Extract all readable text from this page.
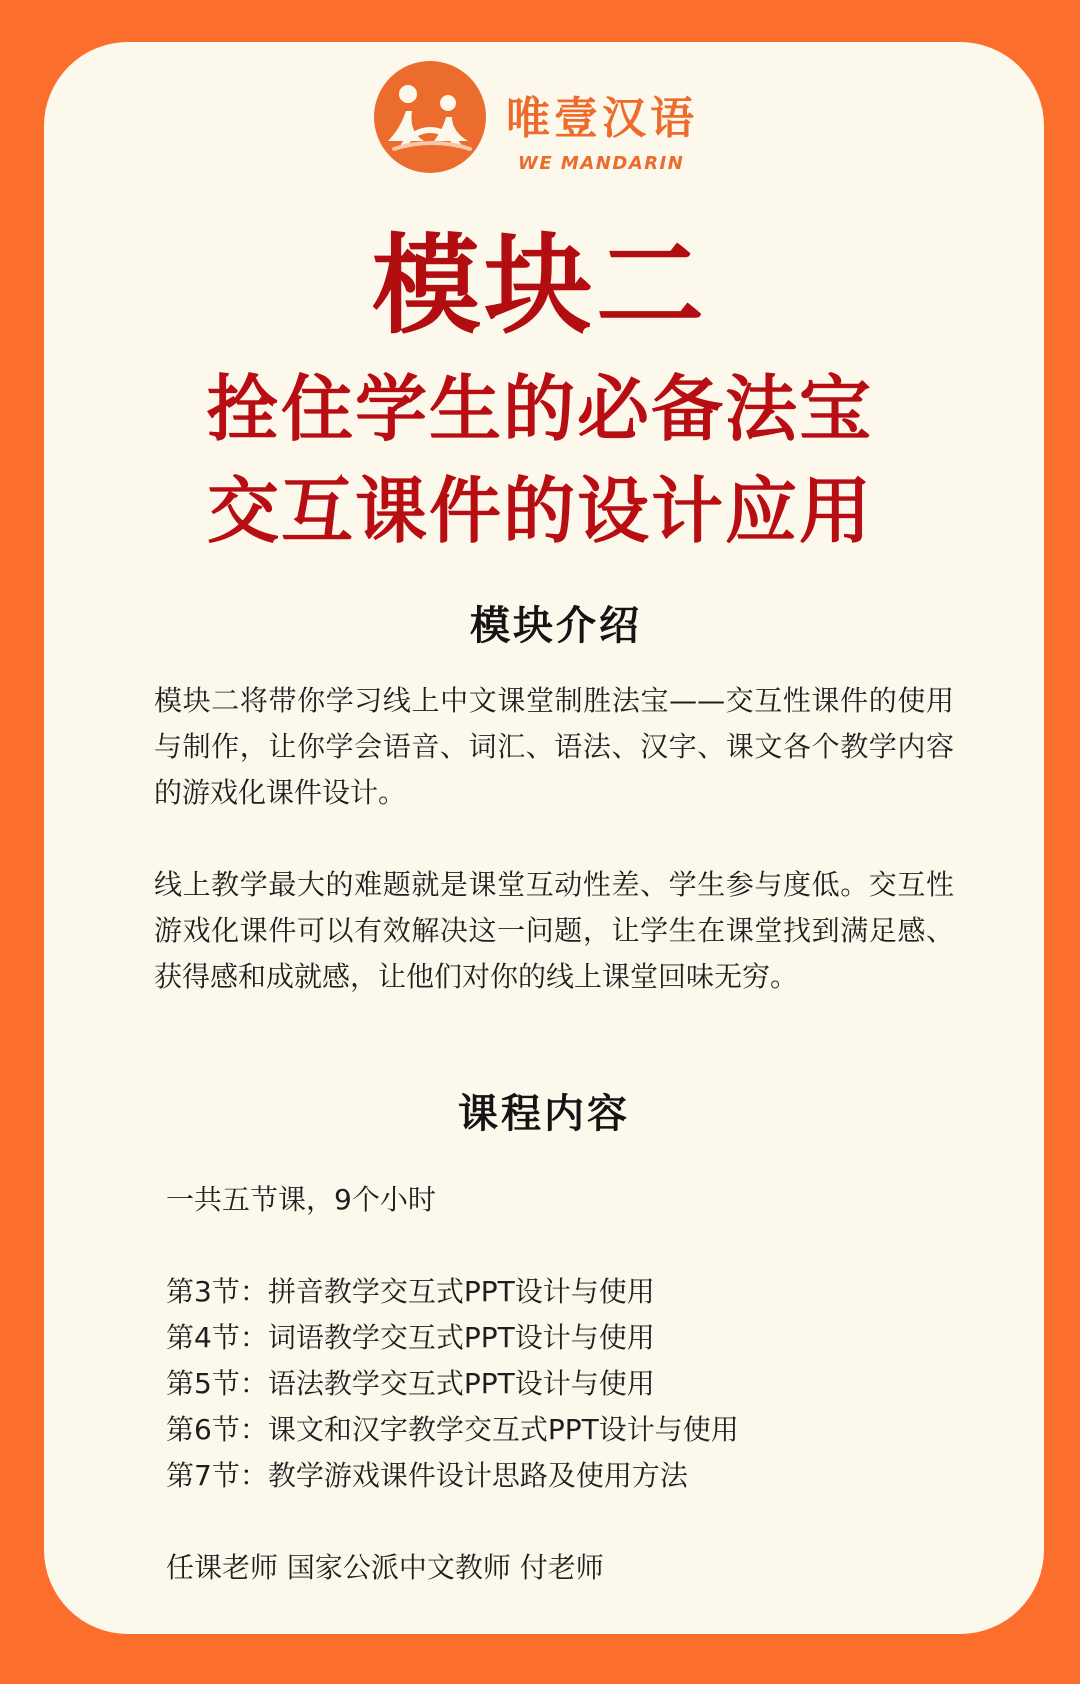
唯壹汉语
WE MANDARIN
模块二
拴住学生的必备法宝
交互课件的设计应用
模块介绍
模块二将带你学习线上中文课堂制胜法宝——交互性课件的使用与制作，让你学会语音、词汇、语法、汉字、课文各个教学内容的游戏化课件设计。
线上教学最大的难题就是课堂互动性差、学生参与度低。交互性游戏化课件可以有效解决这一问题，让学生在课堂找到满足感、获得感和成就感，让他们对你的线上课堂回味无穷。
课程内容
一共五节课，9个小时
第3节：拼音教学交互式PPT设计与使用
第4节：词语教学交互式PPT设计与使用
第5节：语法教学交互式PPT设计与使用
第6节：课文和汉字教学交互式PPT设计与使用
第7节：教学游戏课件设计思路及使用方法
任课老师 国家公派中文教师 付老师
